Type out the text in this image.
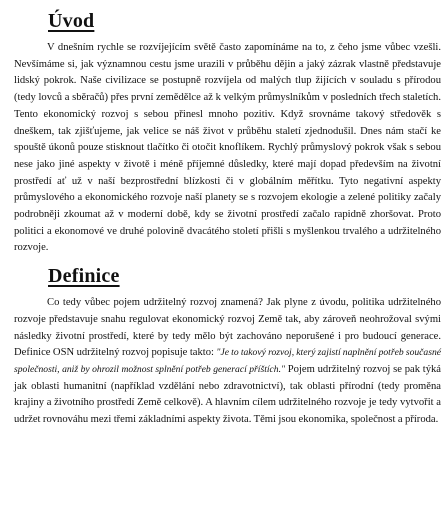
Úvod

V dnešním rychle se rozvíjejícím světě často zapomínáme na to, z čeho jsme vůbec vzešli. Nevšímáme si, jak významnou cestu jsme urazili v průběhu dějin a jaký zázrak vlastně představuje lidský pokrok. Naše civilizace se postupně rozvíjela od malých tlup žijících v souladu s přírodou (tedy lovců a sběračů) přes první zemědělce až k velkým průmyslníkům v posledních třech staletích. Tento ekonomický rozvoj s sebou přinesl mnoho pozitiv. Když srovnáme takový středověk s dneškem, tak zjišťujeme, jak velice se náš život v průběhu staletí zjednodušil. Dnes nám stačí ke spouště úkonů pouze stisknout tlačítko či otočit knoflíkem. Rychlý průmyslový pokrok však s sebou nese jako jiné aspekty v životě i méně příjemné důsledky, které mají dopad především na životní prostředí ať už v naší bezprostřední blízkosti či v globálním měřítku. Tyto negativní aspekty průmyslového a ekonomického rozvoje naší planety se s rozvojem ekologie a zelené politiky začaly podrobněji zkoumat až v moderní době, kdy se životní prostředí začalo rapidně zhoršovat. Proto politici a ekonomové ve druhé polovině dvacátého století přišli s myšlenkou trvalého a udržitelného rozvoje.

Definice

Co tedy vůbec pojem udržitelný rozvoj znamená? Jak plyne z úvodu, politika udržitelného rozvoje představuje snahu regulovat ekonomický rozvoj Země tak, aby zároveň neohrožoval svými následky životní prostředí, které by tedy mělo být zachováno neporušené i pro budoucí generace. Definice OSN udržitelný rozvoj popisuje takto: "Je to takový rozvoj, který zajistí naplnění potřeb současné společnosti, aniž by ohrozil možnost splnění potřeb generací příštích." Pojem udržitelný rozvoj se pak týká jak oblasti humanitní (například vzdělání nebo zdravotnictví), tak oblasti přírodní (tedy proměna krajiny a životního prostředí Země celkově). A hlavním cílem udržitelného rozvoje je tedy vytvořit a udržet rovnováhu mezi třemi základními aspekty života. Těmi jsou ekonomika, společnost a příroda.
